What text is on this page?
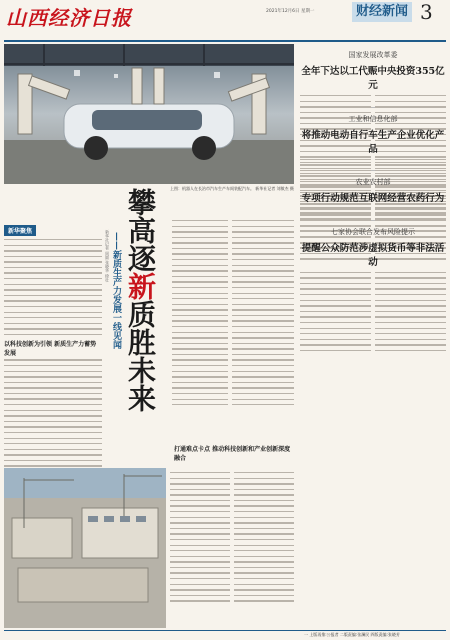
山西经济日报	2021年12月6日 星期一	财经新闻 3
上图：机器人在长治市汽车生产车间装配汽车。 新华社记者 刘敏杰 摄
新华聚焦
以科技创新为引领 新质生产力蓄势发展
新华社记者 周圆 张晓华 徐壮 ——新质生产力发展一线见闻
攀高逐新质胜未来
打通难点卡点 推动科技创新和产业创新深度融合
国家发展改革委
全年下达以工代赈中央投资355亿元
工业和信息化部
将推动电动自行车生产企业优化产品
农业农村部
专项行动规范互联网经营农药行为
七家协会联合发布风险提示
提醒公众防范涉虚拟货币等非法活动
一 上版再推:公报者 二版责编:张澜民 四版责编:张晓芳
